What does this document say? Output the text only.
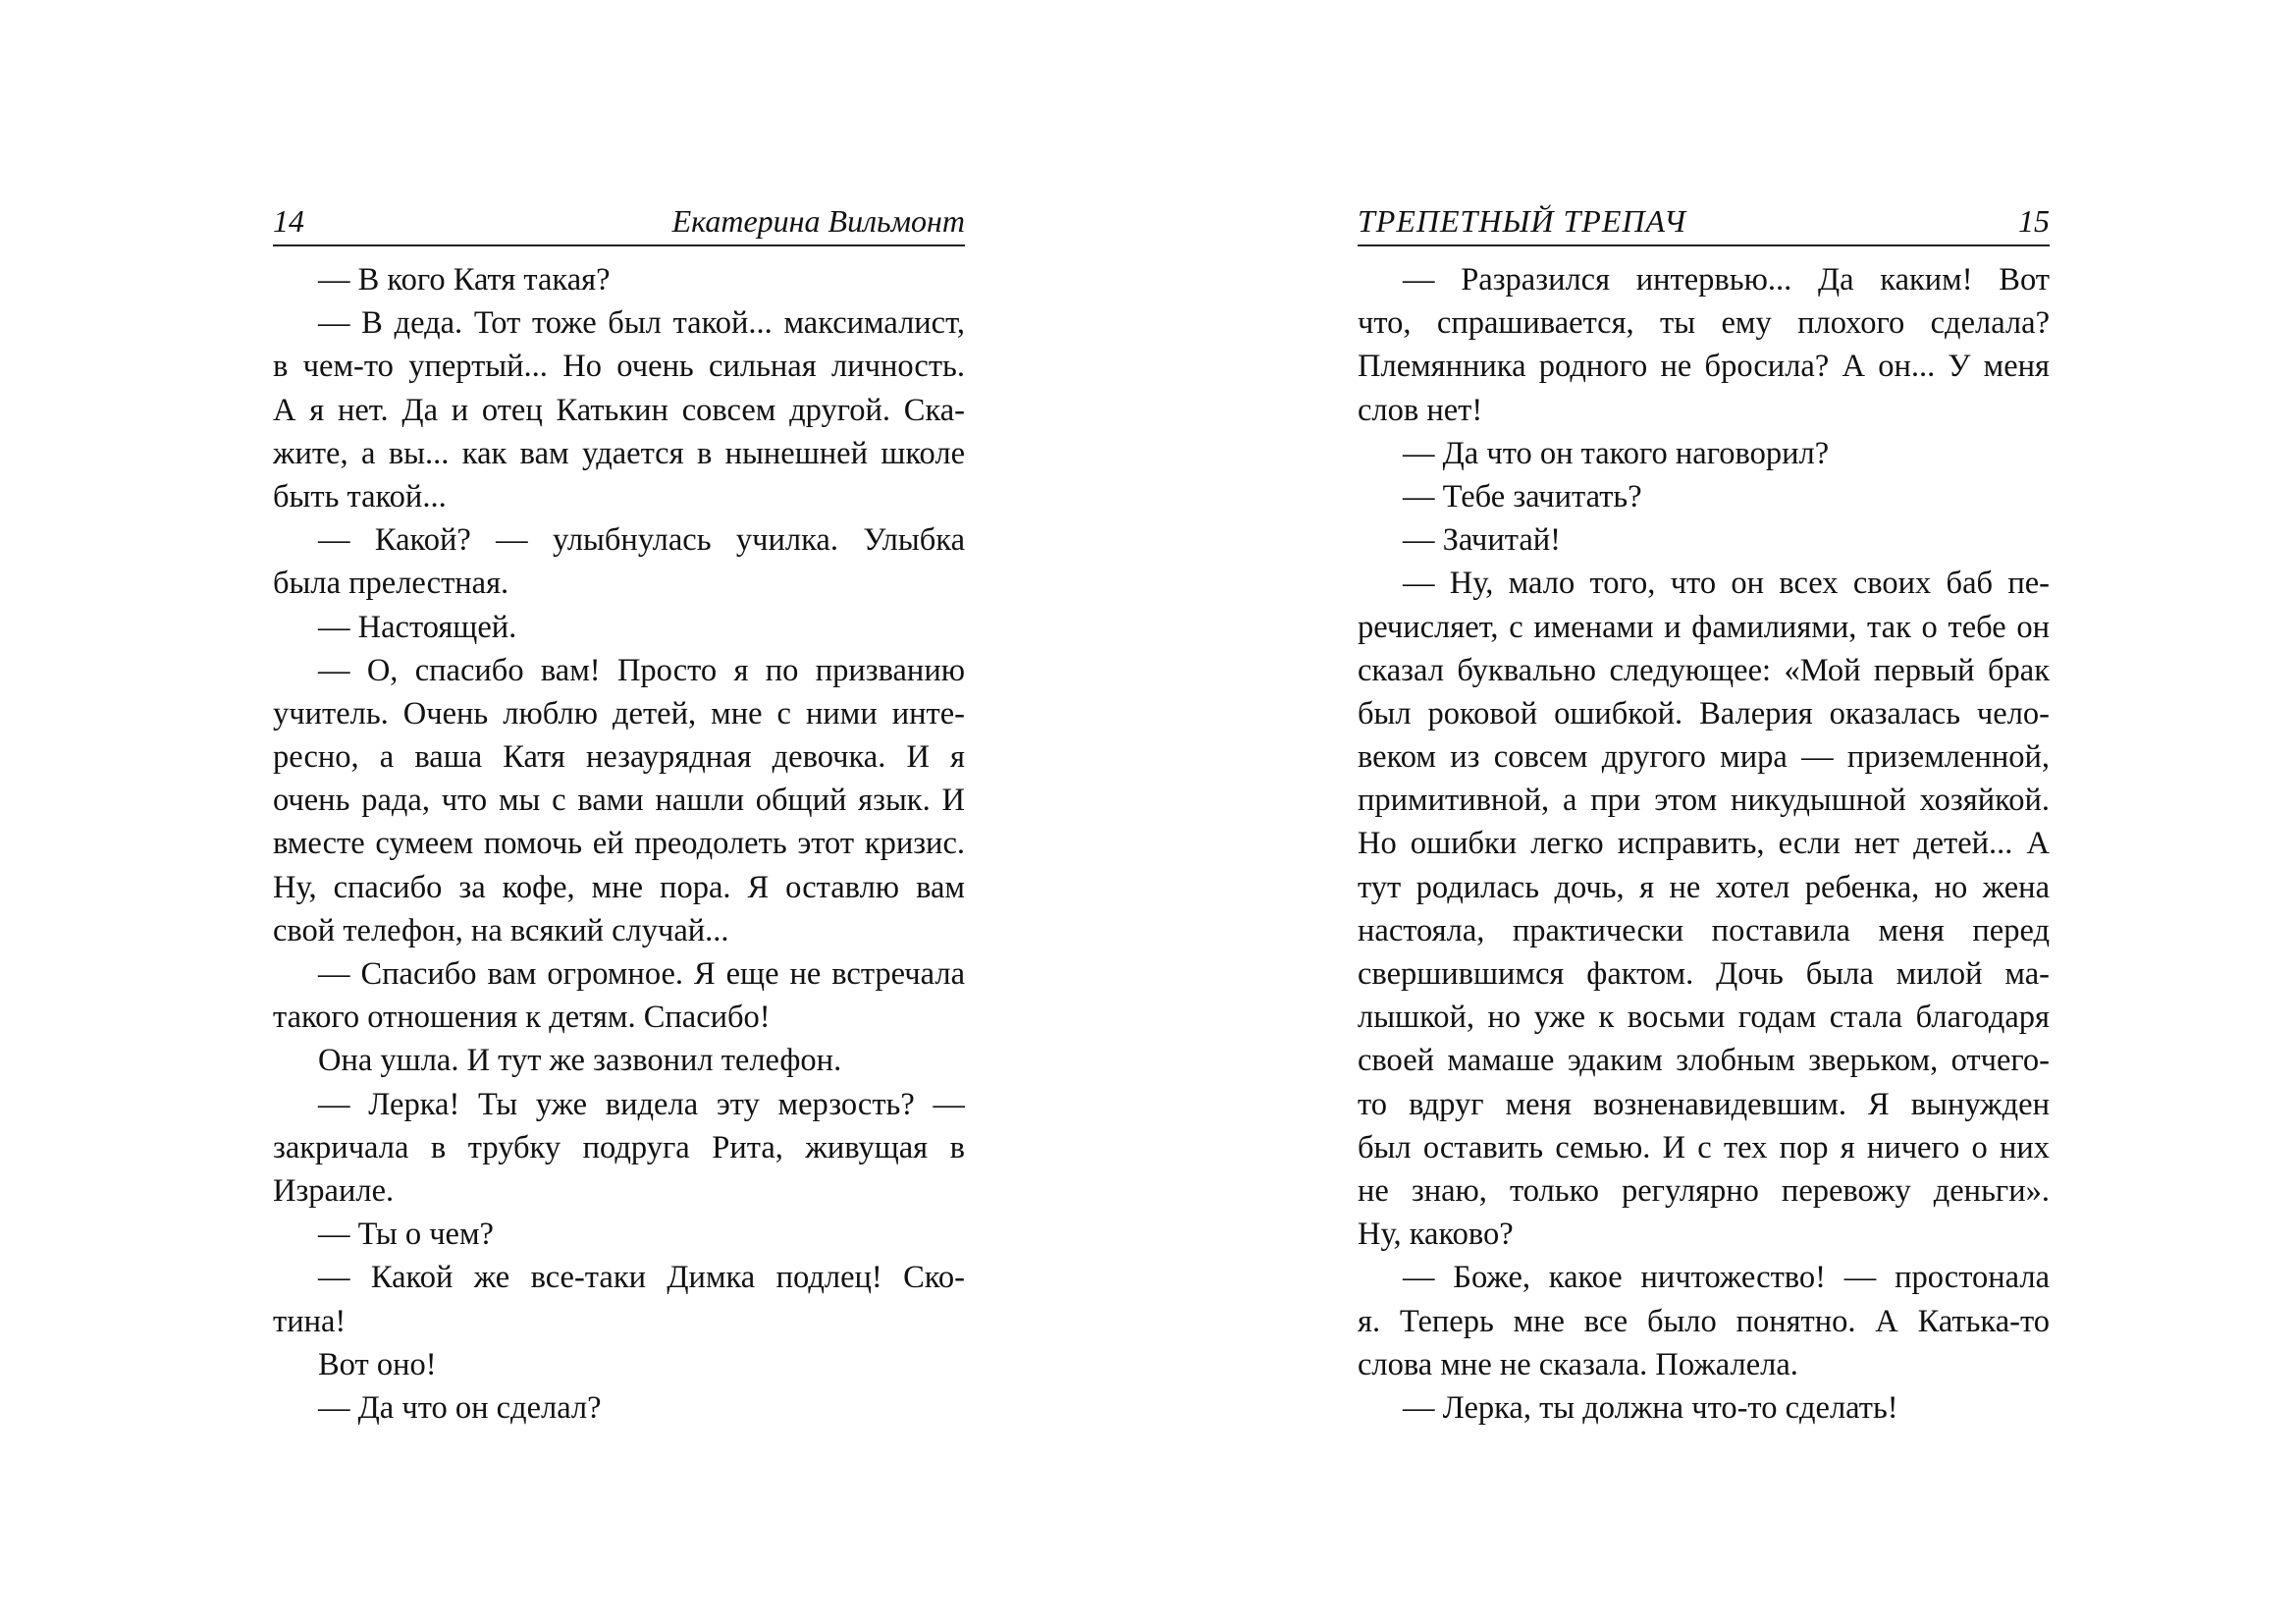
14	Екатерина Вильмонт
— В кого Катя такая?
— В деда. Тот тоже был такой... максималист,
в чем-то упертый... Но очень сильная личность.
А я нет. Да и отец Катькин совсем другой. Ска-
жите, а вы... как вам удается в нынешней школе
быть такой...
— Какой? — улыбнулась училка. Улыбка
была прелестная.
— Настоящей.
— О, спасибо вам! Просто я по призванию
учитель. Очень люблю детей, мне с ними инте-
ресно, а ваша Катя незаурядная девочка. И я
очень рада, что мы с вами нашли общий язык. И
вместе сумеем помочь ей преодолеть этот кризис.
Ну, спасибо за кофе, мне пора. Я оставлю вам
свой телефон, на всякий случай...
— Спасибо вам огромное. Я еще не встречала
такого отношения к детям. Спасибо!
Она ушла. И тут же зазвонил телефон.
— Лерка! Ты уже видела эту мерзость? —
закричала в трубку подруга Рита, живущая в
Израиле.
— Ты о чем?
— Какой же все-таки Димка подлец! Ско-
тина!
Вот оно!
— Да что он сделал?
ТРЕПЕТНЫЙ ТРЕПАЧ	15
— Разразился интервью... Да каким! Вот
что, спрашивается, ты ему плохого сделала?
Племянника родного не бросила? А он... У меня
слов нет!
— Да что он такого наговорил?
— Тебе зачитать?
— Зачитай!
— Ну, мало того, что он всех своих баб пе-
речисляет, с именами и фамилиями, так о тебе он
сказал буквально следующее: «Мой первый брак
был роковой ошибкой. Валерия оказалась чело-
веком из совсем другого мира — приземленной,
примитивной, а при этом никудышной хозяйкой.
Но ошибки легко исправить, если нет детей... А
тут родилась дочь, я не хотел ребенка, но жена
настояла, практически поставила меня перед
свершившимся фактом. Дочь была милой ма-
лышкой, но уже к восьми годам стала благодаря
своей мамаше эдаким злобным зверьком, отчего-
то вдруг меня возненавидевшим. Я вынужден
был оставить семью. И с тех пор я ничего о них
не знаю, только регулярно перевожу деньги».
Ну, каково?
— Боже, какое ничтожество! — простонала
я. Теперь мне все было понятно. А Катька-то
слова мне не сказала. Пожалела.
— Лерка, ты должна что-то сделать!
